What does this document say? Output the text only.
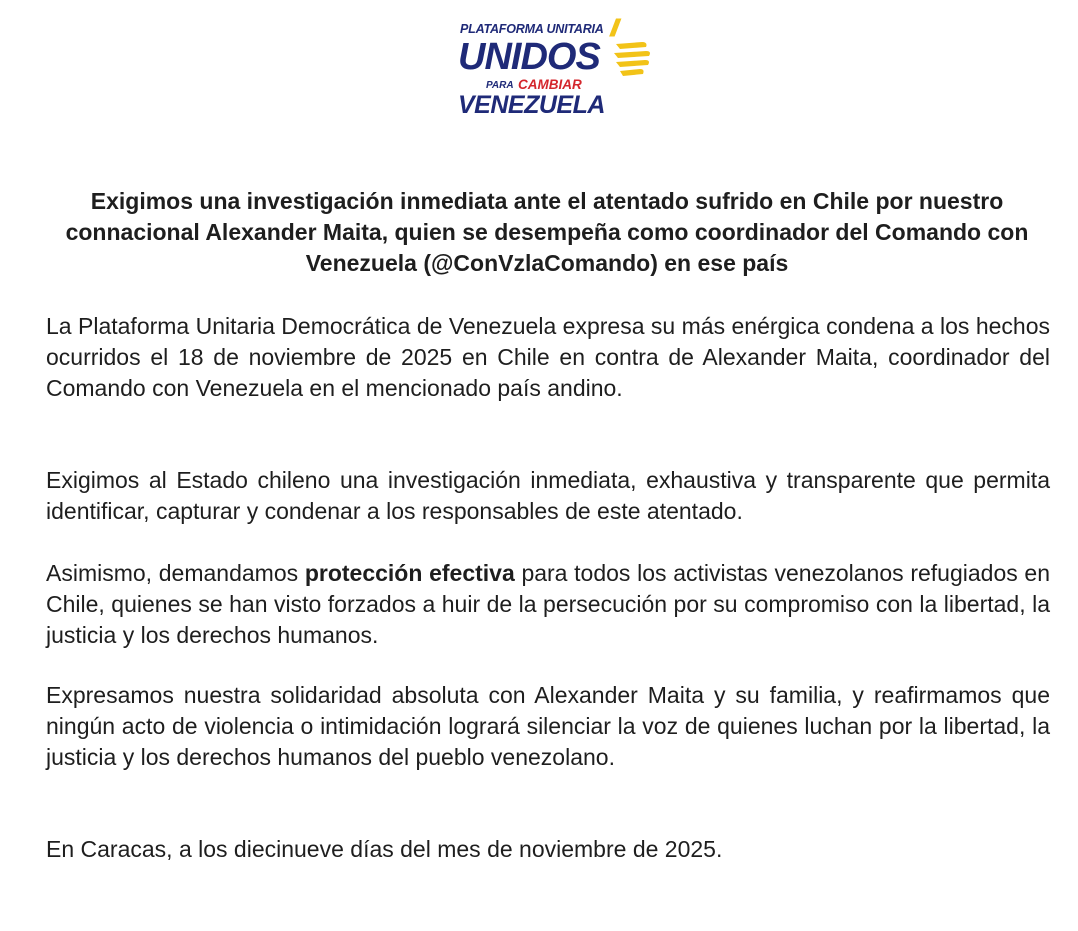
PLATAFORMA UNITARIA //
UNIDOS
PARA CAMBIAR
VENEZUELA
Exigimos una investigación inmediata ante el atentado sufrido en Chile por nuestro connacional Alexander Maita, quien se desempeña como coordinador del Comando con Venezuela (@ConVzlaComando) en ese país
La Plataforma Unitaria Democrática de Venezuela expresa su más enérgica condena a los hechos ocurridos el 18 de noviembre de 2025 en Chile en contra de Alexander Maita, coordinador del Comando con Venezuela en el mencionado país andino.
Exigimos al Estado chileno una investigación inmediata, exhaustiva y transparente que permita identificar, capturar y condenar a los responsables de este atentado.
Asimismo, demandamos protección efectiva para todos los activistas venezolanos refugiados en Chile, quienes se han visto forzados a huir de la persecución por su compromiso con la libertad, la justicia y los derechos humanos.
Expresamos nuestra solidaridad absoluta con Alexander Maita y su familia, y reafirmamos que ningún acto de violencia o intimidación logrará silenciar la voz de quienes luchan por la libertad, la justicia y los derechos humanos del pueblo venezolano.
En Caracas, a los diecinueve días del mes de noviembre de 2025.
